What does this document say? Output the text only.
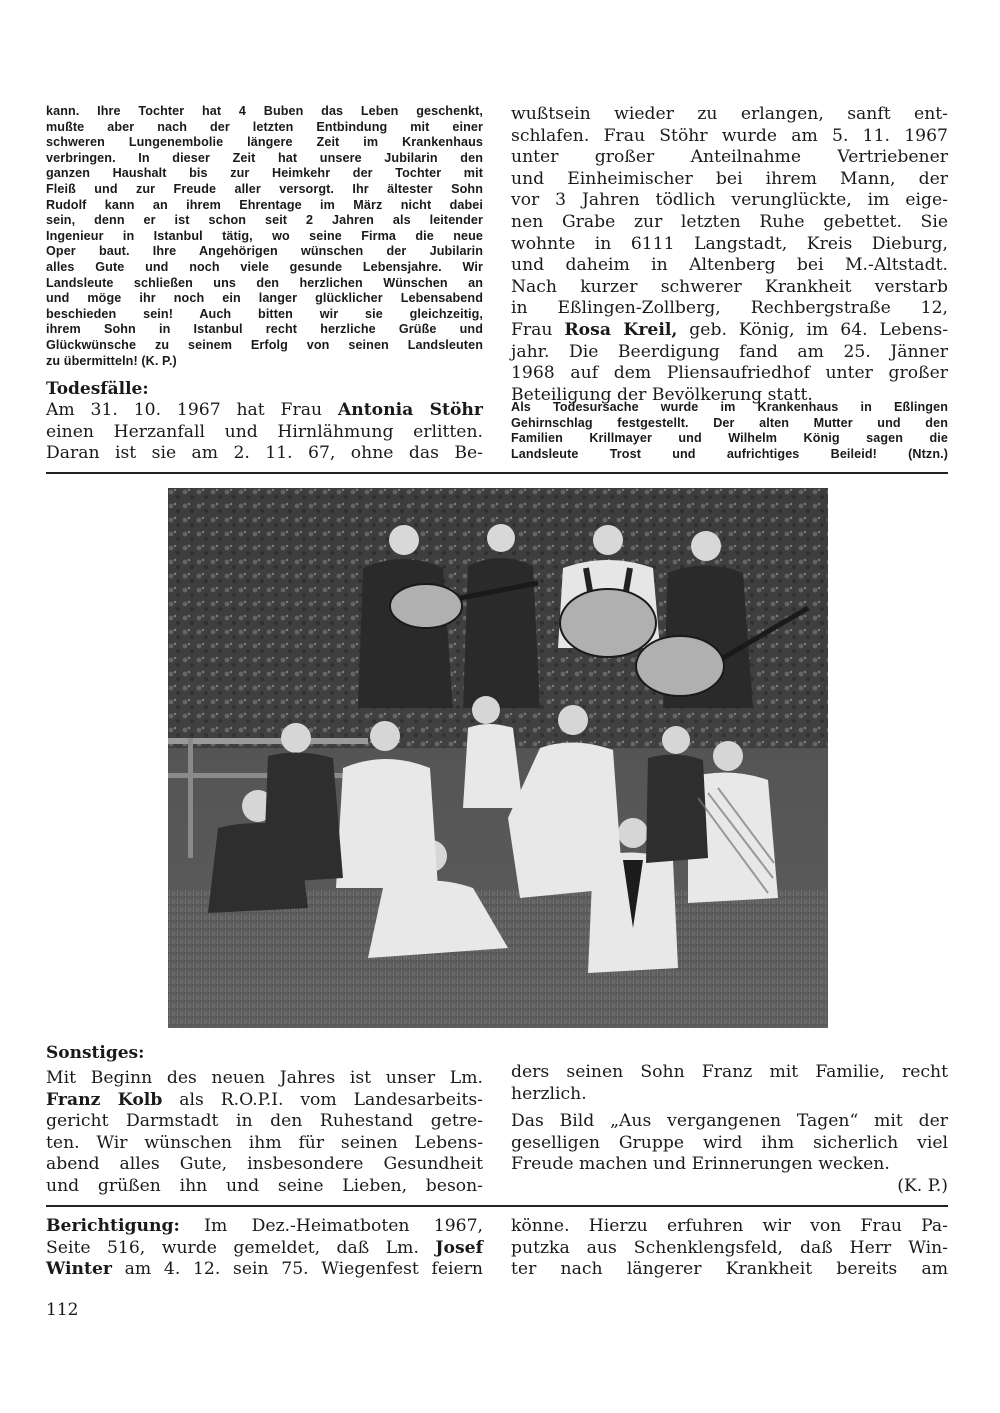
kann. Ihre Tochter hat 4 Buben das Leben geschenkt,
mußte aber nach der letzten Entbindung mit einer
schweren Lungenembolie längere Zeit im Krankenhaus
verbringen. In dieser Zeit hat unsere Jubilarin den
ganzen Haushalt bis zur Heimkehr der Tochter mit
Fleiß und zur Freude aller versorgt. Ihr ältester Sohn
Rudolf kann an ihrem Ehrentage im März nicht dabei
sein, denn er ist schon seit 2 Jahren als leitender
Ingenieur in Istanbul tätig, wo seine Firma die neue
Oper baut. Ihre Angehörigen wünschen der Jubilarin
alles Gute und noch viele gesunde Lebensjahre. Wir
Landsleute schließen uns den herzlichen Wünschen an
und möge ihr noch ein langer glücklicher Lebensabend
beschieden sein! Auch bitten wir sie gleichzeitig,
ihrem Sohn in Istanbul recht herzliche Grüße und
Glückwünsche zu seinem Erfolg von seinen Landsleuten
zu übermitteln! (K. P.)
Todesfälle:
Am 31. 10. 1967 hat Frau Antonia Stöhr
einen Herzanfall und Hirnlähmung erlitten.
Daran ist sie am 2. 11. 67, ohne das Be-
wußtsein wieder zu erlangen, sanft ent-
schlafen. Frau Stöhr wurde am 5. 11. 1967
unter großer Anteilnahme Vertriebener
und Einheimischer bei ihrem Mann, der
vor 3 Jahren tödlich verunglückte, im eige-
nen Grabe zur letzten Ruhe gebettet. Sie
wohnte in 6111 Langstadt, Kreis Dieburg,
und daheim in Altenberg bei M.-Altstadt.
Nach kurzer schwerer Krankheit verstarb
in Eßlingen-Zollberg, Rechbergstraße 12,
Frau Rosa Kreil, geb. König, im 64. Lebens-
jahr. Die Beerdigung fand am 25. Jänner
1968 auf dem Pliensaufriedhof unter großer
Beteiligung der Bevölkerung statt.
Als Todesursache wurde im Krankenhaus in Eßlingen
Gehirnschlag festgestellt. Der alten Mutter und den
Familien Krillmayer und Wilhelm König sagen die
Landsleute Trost und aufrichtiges Beileid! (Ntzn.)
Sonstiges:
Mit Beginn des neuen Jahres ist unser Lm.
Franz Kolb als R.O.P.I. vom Landesarbeits-
gericht Darmstadt in den Ruhestand getre-
ten. Wir wünschen ihm für seinen Lebens-
abend alles Gute, insbesondere Gesundheit
und grüßen ihn und seine Lieben, beson-
ders seinen Sohn Franz mit Familie, recht
herzlich.
Das Bild „Aus vergangenen Tagen“ mit der
geselligen Gruppe wird ihm sicherlich viel
Freude machen und Erinnerungen wecken.
(K. P.)
Berichtigung: Im Dez.-Heimatboten 1967,
Seite 516, wurde gemeldet, daß Lm. Josef
Winter am 4. 12. sein 75. Wiegenfest feiern
könne. Hierzu erfuhren wir von Frau Pa-
putzka aus Schenklengsfeld, daß Herr Win-
ter nach längerer Krankheit bereits am
112
